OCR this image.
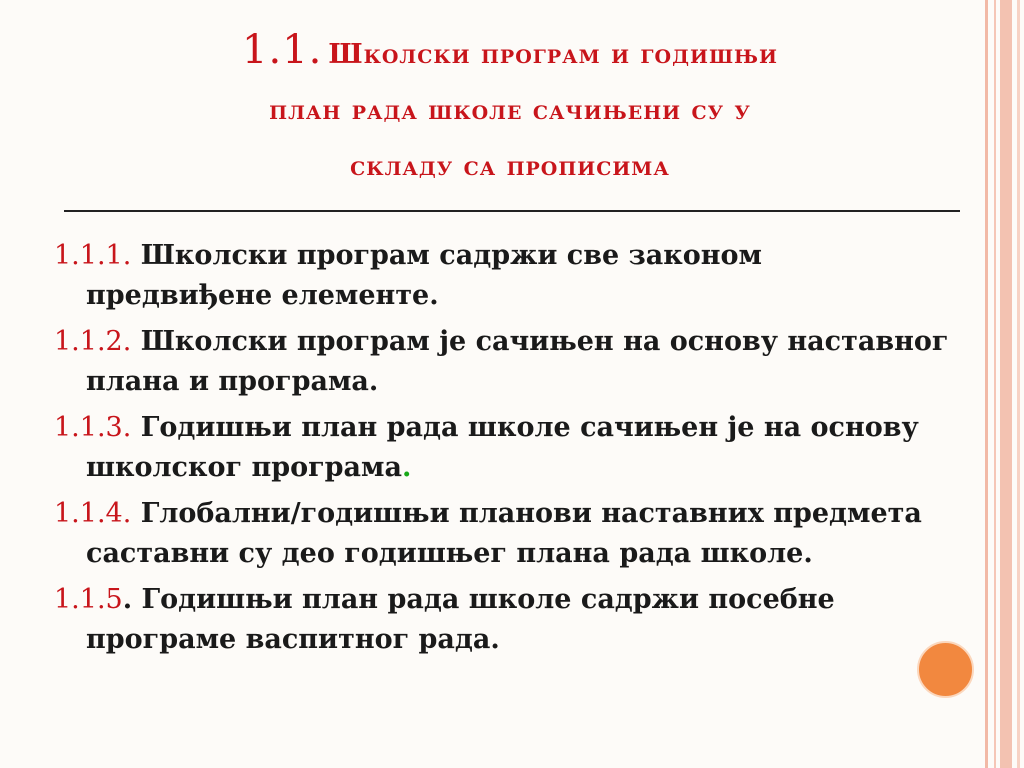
1.1. Школски програм и годишњи
план рада школе сачињени су у
складу са прописима
1.1.1. Школски програм садржи све законом предвиђене елементе.
1.1.2. Школски програм је сачињен на основу наставног плана и програма.
1.1.3. Годишњи план рада школе сачињен је на основу школског програма.
1.1.4. Глобални/годишњи планови наставних предмета саставни су део годишњег плана рада школе.
1.1.5. Годишњи план рада школе садржи посебне програме васпитног рада.
